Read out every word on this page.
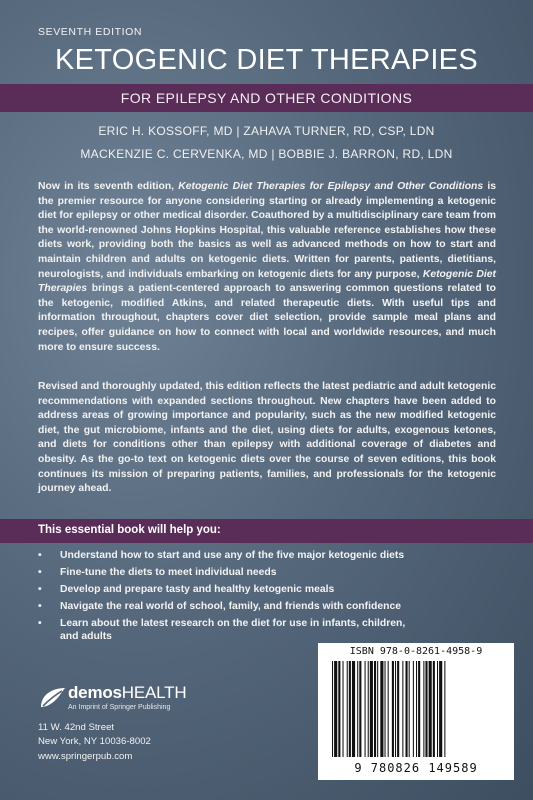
SEVENTH EDITION
KETOGENIC DIET THERAPIES
FOR EPILEPSY AND OTHER CONDITIONS
ERIC H. KOSSOFF, MD | ZAHAVA TURNER, RD, CSP, LDN
MACKENZIE C. CERVENKA, MD | BOBBIE J. BARRON, RD, LDN
Now in its seventh edition, Ketogenic Diet Therapies for Epilepsy and Other Conditions is the premier resource for anyone considering starting or already implementing a ketogenic diet for epilepsy or other medical disorder. Coauthored by a multidisciplinary care team from the world-renowned Johns Hopkins Hospital, this valuable reference establishes how these diets work, providing both the basics as well as advanced methods on how to start and maintain children and adults on ketogenic diets. Written for parents, patients, dietitians, neurologists, and individuals embarking on ketogenic diets for any purpose, Ketogenic Diet Therapies brings a patient-centered approach to answering common questions related to the ketogenic, modified Atkins, and related therapeutic diets. With useful tips and information throughout, chapters cover diet selection, provide sample meal plans and recipes, offer guidance on how to connect with local and worldwide resources, and much more to ensure success.
Revised and thoroughly updated, this edition reflects the latest pediatric and adult ketogenic recommendations with expanded sections throughout. New chapters have been added to address areas of growing importance and popularity, such as the new modified ketogenic diet, the gut microbiome, infants and the diet, using diets for adults, exogenous ketones, and diets for conditions other than epilepsy with additional coverage of diabetes and obesity. As the go-to text on ketogenic diets over the course of seven editions, this book continues its mission of preparing patients, families, and professionals for the ketogenic journey ahead.
This essential book will help you:
• Understand how to start and use any of the five major ketogenic diets
• Fine-tune the diets to meet individual needs
• Develop and prepare tasty and healthy ketogenic meals
• Navigate the real world of school, family, and friends with confidence
• Learn about the latest research on the diet for use in infants, children,
and adults
demosHEALTH
An Imprint of Springer Publishing
11 W. 42nd Street
New York, NY 10036-8002
www.springerpub.com
ISBN 978-0-8261-4958-9
9 780826 149589
